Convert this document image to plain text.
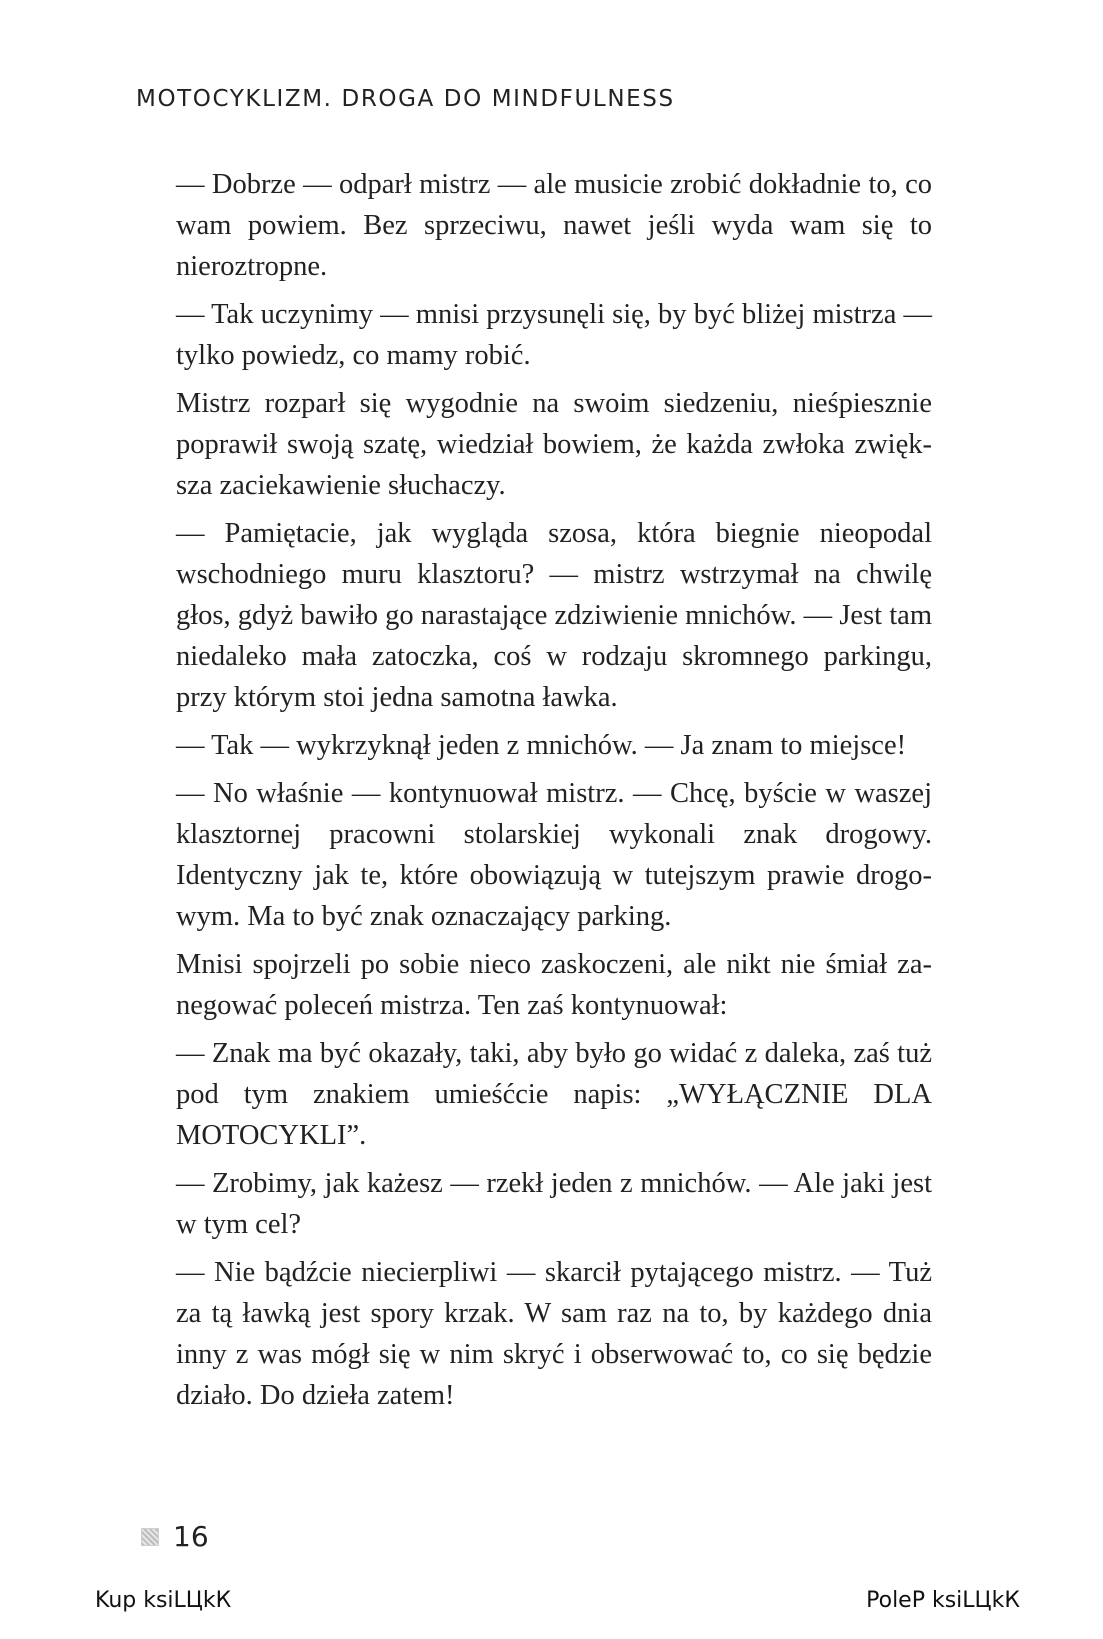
MOTOCYKLIZM. DROGA DO MINDFULNESS

— Dobrze — odparł mistrz — ale musicie zrobić dokładnie to, co wam powiem. Bez sprzeciwu, nawet jeśli wyda wam się to nieroztropne.

— Tak uczynimy — mnisi przysunęli się, by być bliżej mistrza — tylko powiedz, co mamy robić.

Mistrz rozparł się wygodnie na swoim siedzeniu, nieśpiesznie poprawił swoją szatę, wiedział bowiem, że każda zwłoka zwiększa zaciekawienie słuchaczy.

— Pamiętacie, jak wygląda szosa, która biegnie nieopodal wschodniego muru klasztoru? — mistrz wstrzymał na chwilę głos, gdyż bawiło go narastające zdziwienie mnichów. — Jest tam niedaleko mała zatoczka, coś w rodzaju skromnego parkingu, przy którym stoi jedna samotna ławka.

— Tak — wykrzyknął jeden z mnichów. — Ja znam to miejsce!

— No właśnie — kontynuował mistrz. — Chcę, byście w waszej klasztornej pracowni stolarskiej wykonali znak drogowy. Identyczny jak te, które obowiązują w tutejszym prawie drogowym. Ma to być znak oznaczający parking.

Mnisi spojrzeli po sobie nieco zaskoczeni, ale nikt nie śmiał zanegować poleceń mistrza. Ten zaś kontynuował:

— Znak ma być okazały, taki, aby było go widać z daleka, zaś tuż pod tym znakiem umieśćcie napis: „WYŁĄCZNIE DLA MOTOCYKLI”.

— Zrobimy, jak każesz — rzekł jeden z mnichów. — Ale jaki jest w tym cel?

— Nie bądźcie niecierpliwi — skarcił pytającego mistrz. — Tuż za tą ławką jest spory krzak. W sam raz na to, by każdego dnia inny z was mógł się w nim skryć i obserwować to, co się będzie działo. Do dzieła zatem!

16
Kup ksiLЦkК	PoleР ksiLЦkК
